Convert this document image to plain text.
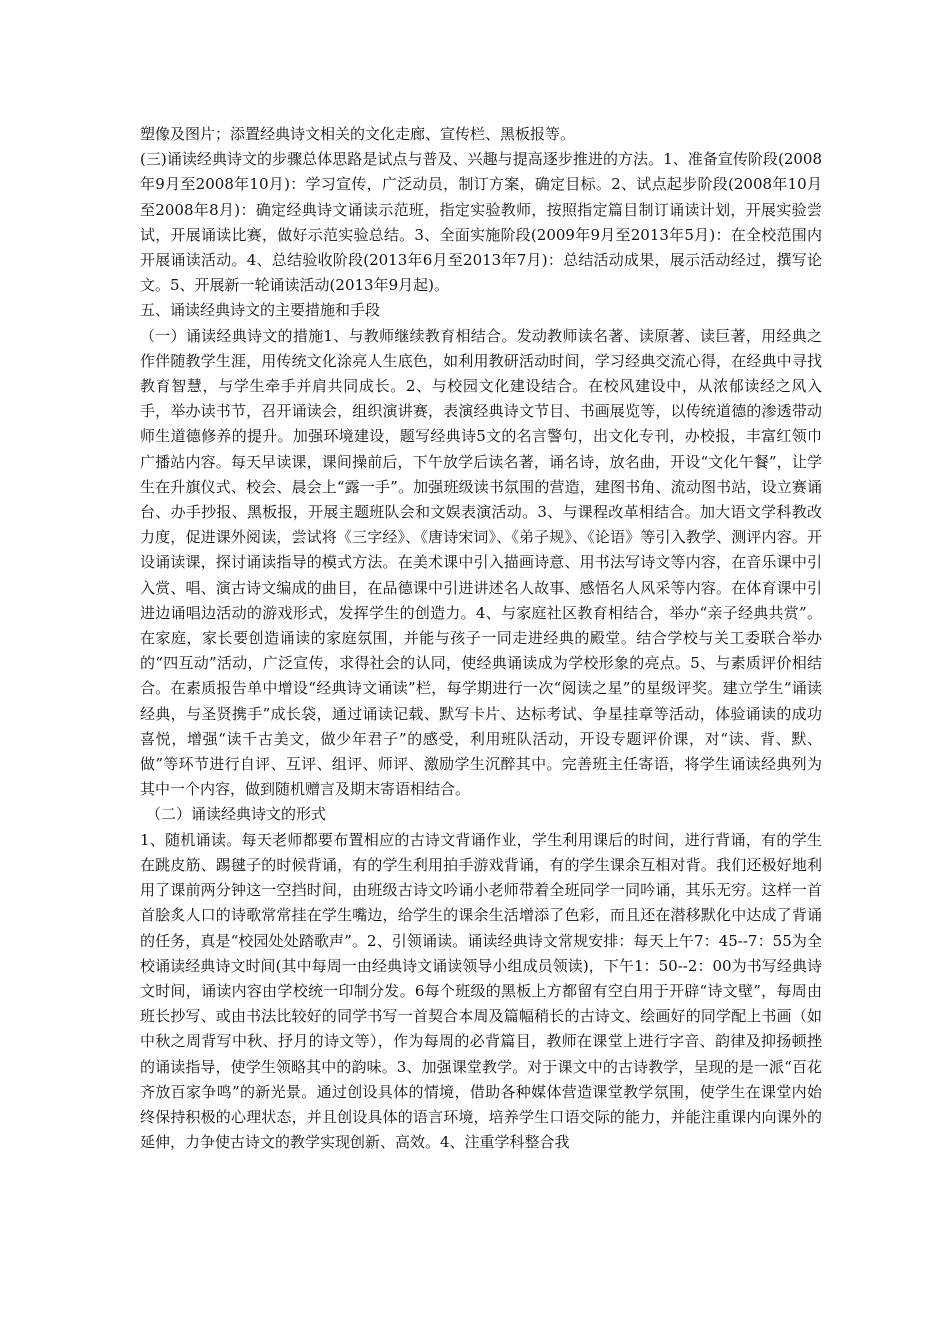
塑像及图片；添置经典诗文相关的文化走廊、宣传栏、黑板报等。

(三)诵读经典诗文的步骤总体思路是试点与普及、兴趣与提高逐步推进的方法。1、准备宣传阶段(2008年9月至2008年10月)：学习宣传，广泛动员，制订方案，确定目标。2、试点起步阶段(2008年10月至2008年8月)：确定经典诗文诵读示范班，指定实验教师，按照指定篇目制订诵读计划，开展实验尝试，开展诵读比赛，做好示范实验总结。3、全面实施阶段(2009年9月至2013年5月)：在全校范围内开展诵读活动。4、总结验收阶段(2013年6月至2013年7月)：总结活动成果，展示活动经过，撰写论文。5、开展新一轮诵读活动(2013年9月起)。

五、诵读经典诗文的主要措施和手段

（一）诵读经典诗文的措施1、与教师继续教育相结合。发动教师读名著、读原著、读巨著，用经典之作伴随教学生涯，用传统文化涂亮人生底色，如利用教研活动时间，学习经典交流心得，在经典中寻找教育智慧，与学生牵手并肩共同成长。2、与校园文化建设结合。在校风建设中，从浓郁读经之风入手，举办读书节，召开诵读会，组织演讲赛，表演经典诗文节目、书画展览等，以传统道德的渗透带动师生道德修养的提升。加强环境建设，题写经典诗5文的名言警句，出文化专刊，办校报，丰富红领巾广播站内容。每天早读课，课间操前后，下午放学后读名著，诵名诗，放名曲，开设“文化午餐”，让学生在升旗仪式、校会、晨会上“露一手”。加强班级读书氛围的营造，建图书角、流动图书站，设立赛诵台、办手抄报、黑板报，开展主题班队会和文娱表演活动。3、与课程改革相结合。加大语文学科教改力度，促进课外阅读，尝试将《三字经》、《唐诗宋词》、《弟子规》、《论语》等引入教学、测评内容。开设诵读课，探讨诵读指导的模式方法。在美术课中引入描画诗意、用书法写诗文等内容，在音乐课中引入赏、唱、演古诗文编成的曲目，在品德课中引进讲述名人故事、感悟名人风采等内容。在体育课中引进边诵唱边活动的游戏形式，发挥学生的创造力。4、与家庭社区教育相结合，举办“亲子经典共赏”。在家庭，家长要创造诵读的家庭氛围，并能与孩子一同走进经典的殿堂。结合学校与关工委联合举办的“四互动”活动，广泛宣传，求得社会的认同，使经典诵读成为学校形象的亮点。5、与素质评价相结合。在素质报告单中增设“经典诗文诵读”栏，每学期进行一次“阅读之星”的星级评奖。建立学生“诵读经典，与圣贤携手”成长袋，通过诵读记载、默写卡片、达标考试、争星挂章等活动，体验诵读的成功喜悦，增强“读千古美文，做少年君子”的感受，利用班队活动，开设专题评价课，对“读、背、默、做”等环节进行自评、互评、组评、师评、激励学生沉醉其中。完善班主任寄语，将学生诵读经典列为其中一个内容，做到随机赠言及期末寄语相结合。

（二）诵读经典诗文的形式

1、随机诵读。每天老师都要布置相应的古诗文背诵作业，学生利用课后的时间，进行背诵，有的学生在跳皮筋、踢毽子的时候背诵，有的学生利用拍手游戏背诵，有的学生课余互相对背。我们还极好地利用了课前两分钟这一空挡时间，由班级古诗文吟诵小老师带着全班同学一同吟诵，其乐无穷。这样一首首脍炙人口的诗歌常常挂在学生嘴边，给学生的课余生活增添了色彩，而且还在潜移默化中达成了背诵的任务，真是“校园处处踏歌声”。2、引领诵读。诵读经典诗文常规安排：每天上午7：45--7：55为全校诵读经典诗文时间(其中每周一由经典诗文诵读领导小组成员领读)，下午1：50--2：00为书写经典诗文时间，诵读内容由学校统一印制分发。6每个班级的黑板上方都留有空白用于开辟“诗文壁”，每周由班长抄写、或由书法比较好的同学书写一首契合本周及篇幅稍长的古诗文、绘画好的同学配上书画（如中秋之周背写中秋、抒月的诗文等），作为每周的必背篇目，教师在课堂上进行字音、韵律及抑扬顿挫的诵读指导，使学生领略其中的韵味。3、加强课堂教学。对于课文中的古诗教学，呈现的是一派“百花齐放百家争鸣”的新光景。通过创设具体的情境，借助各种媒体营造课堂教学氛围，使学生在课堂内始终保持积极的心理状态，并且创设具体的语言环境，培养学生口语交际的能力，并能注重课内向课外的延伸，力争使古诗文的教学实现创新、高效。4、注重学科整合我
